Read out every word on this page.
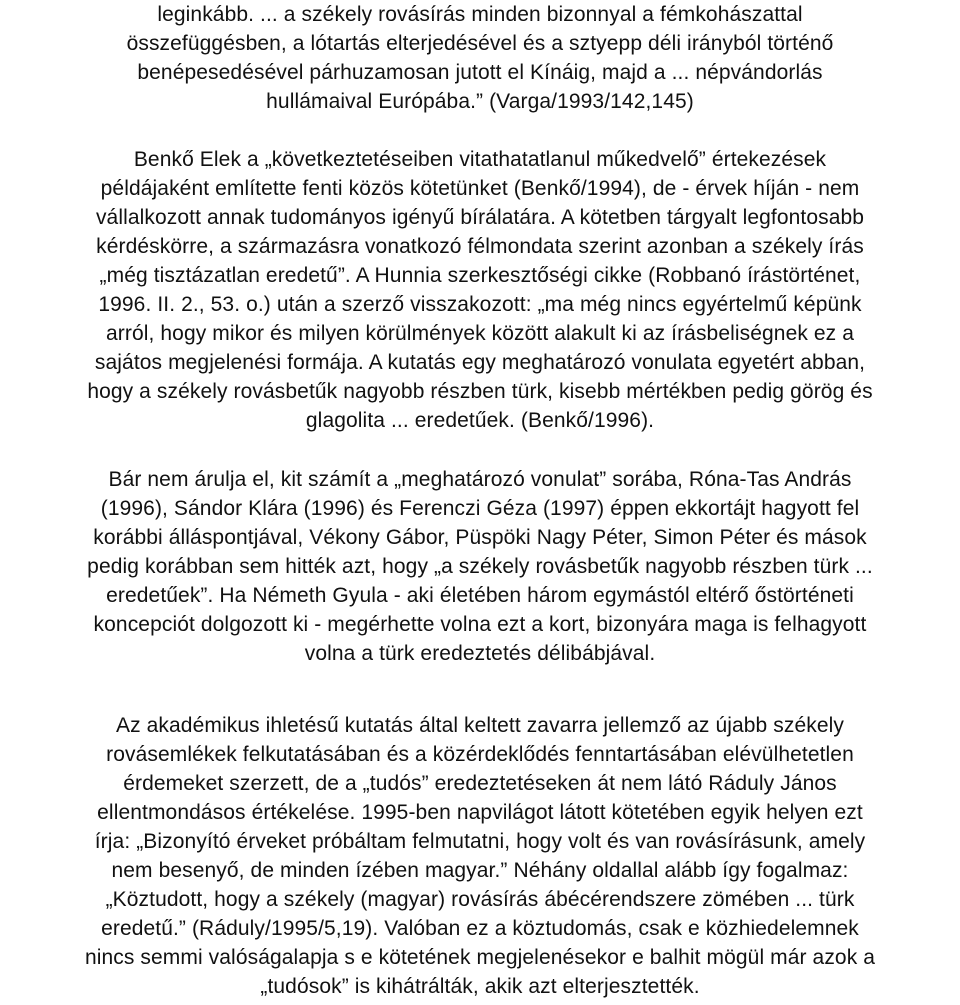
leginkább. ... a székely rovásírás minden bizonnyal a fémkohászattal
összefüggésben, a lótartás elterjedésével és a sztyepp déli irányból történő
benépesedésével párhuzamosan jutott el Kínáig, majd a ... népvándorlás
hullámaival Európába.” (Varga/1993/142,145)

Benkő Elek a „következtetéseiben vitathatatlanul műkedvelő” értekezések
példájaként említette fenti közös kötetünket (Benkő/1994), de - érvek híján - nem
vállalkozott annak tudományos igényű bírálatára. A kötetben tárgyalt legfontosabb
kérdéskörre, a származásra vonatkozó félmondata szerint azonban a székely írás
„még tisztázatlan eredetű”. A Hunnia szerkesztőségi cikke (Robbanó írástörténet,
1996. II. 2., 53. o.) után a szerző visszakozott: „ma még nincs egyértelmű képünk
arról, hogy mikor és milyen körülmények között alakult ki az írásbeliségnek ez a
sajátos megjelenési formája. A kutatás egy meghatározó vonulata egyetért abban,
hogy a székely rovásbetűk nagyobb részben türk, kisebb mértékben pedig görög és
glagolita ... eredetűek. (Benkő/1996).

Bár nem árulja el, kit számít a „meghatározó vonulat” sorába, Róna-Tas András
(1996), Sándor Klára (1996) és Ferenczi Géza (1997) éppen ekkortájt hagyott fel
korábbi álláspontjával, Vékony Gábor, Püspöki Nagy Péter, Simon Péter és mások
pedig korábban sem hitték azt, hogy „a székely rovásbetűk nagyobb részben türk ...
eredetűek”. Ha Németh Gyula - aki életében három egymástól eltérő őstörténeti
koncepciót dolgozott ki - megérhette volna ezt a kort, bizonyára maga is felhagyott
volna a türk eredeztetés délibábjával.

Az akadémikus ihletésű kutatás által keltett zavarra jellemző az újabb székely
rovásemlékek felkutatásában és a közérdeklődés fenntartásában elévülhetetlen
érdemeket szerzett, de a „tudós” eredeztetéseken át nem látó Ráduly János
ellentmondásos értékelése. 1995-ben napvilágot látott kötetében egyik helyen ezt
írja: „Bizonyító érveket próbáltam felmutatni, hogy volt és van rovásírásunk, amely
nem besenyő, de minden ízében magyar.” Néhány oldallal alább így fogalmaz:
„Köztudott, hogy a székely (magyar) rovásírás ábécérendszere zömében ... türk
eredetű.” (Ráduly/1995/5,19). Valóban ez a köztudomás, csak e közhiedelemnek
nincs semmi valóságalapja s e kötetének megjelenésekor e balhit mögül már azok a
„tudósok” is kihátrálták, akik azt elterjesztették.
